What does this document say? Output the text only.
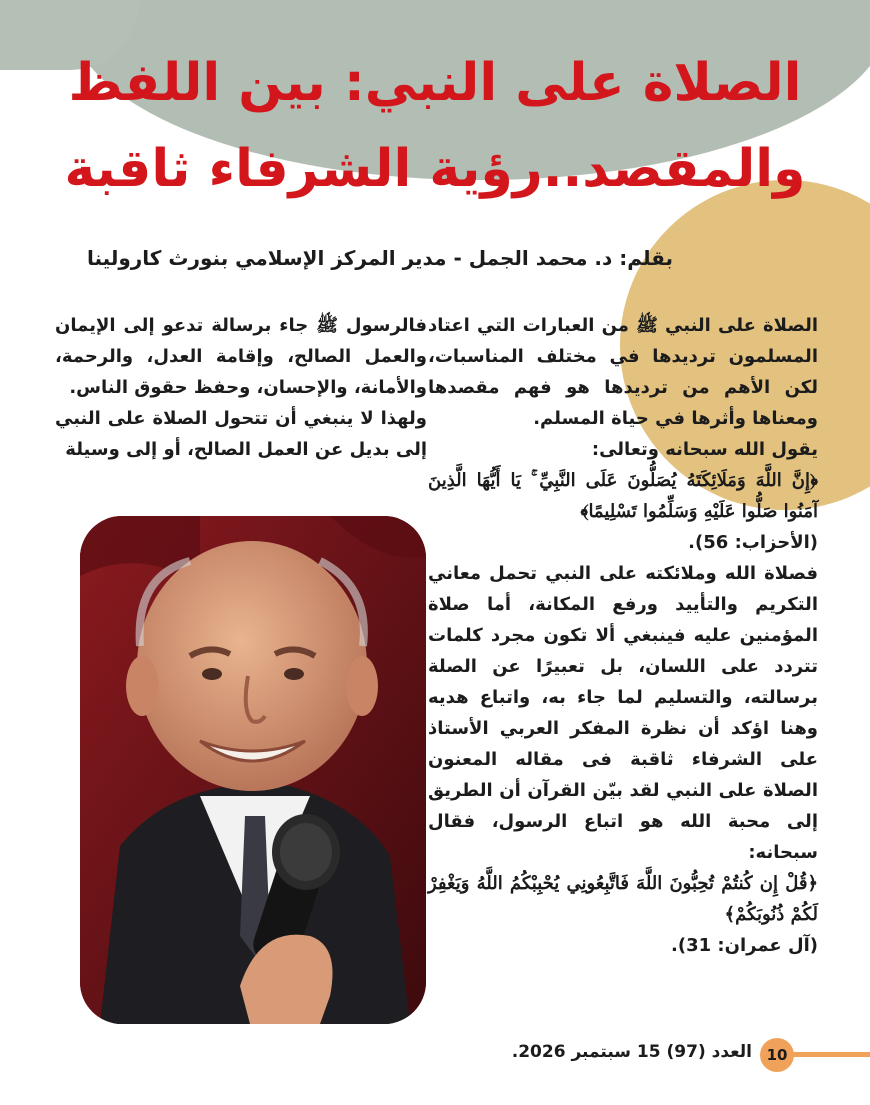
الصلاة على النبي: بين اللفظ
والمقصد..رؤية الشرفاء ثاقبة
بقلم: د. محمد الجمل - مدير المركز الإسلامي بنورث كارولينا

الصلاة على النبي ﷺ من العبارات التي اعتاد المسلمون ترديدها في مختلف المناسبات، لكن الأهم من ترديدها هو فهم مقصدها ومعناها وأثرها في حياة المسلم.

يقول الله سبحانه وتعالى:

﴿إِنَّ اللَّهَ وَمَلَائِكَتَهُ يُصَلُّونَ عَلَى النَّبِيِّ ۚ يَا أَيُّهَا الَّذِينَ آمَنُوا صَلُّوا عَلَيْهِ وَسَلِّمُوا تَسْلِيمًا﴾

(الأحزاب: 56).

فصلاة الله وملائكته على النبي تحمل معاني التكريم والتأييد ورفع المكانة، أما صلاة المؤمنين عليه فينبغي ألا تكون مجرد كلمات تتردد على اللسان، بل تعبيرًا عن الصلة برسالته، والتسليم لما جاء به، واتباع هديه وهنا اؤكد أن نظرة المفكر العربي الأستاذ على الشرفاء ثاقبة فى مقاله المعنون الصلاة على النبي لقد بيّن القرآن أن الطريق إلى محبة الله هو اتباع الرسول، فقال سبحانه:

﴿قُلْ إِن كُنتُمْ تُحِبُّونَ اللَّهَ فَاتَّبِعُونِي يُحْبِبْكُمُ اللَّهُ وَيَغْفِرْ لَكُمْ ذُنُوبَكُمْ﴾

(آل عمران: 31).

فالرسول ﷺ جاء برسالة تدعو إلى الإيمان والعمل الصالح، وإقامة العدل، والرحمة، والأمانة، والإحسان، وحفظ حقوق الناس.

ولهذا لا ينبغي أن تتحول الصلاة على النبي إلى بديل عن العمل الصالح، أو إلى وسيلة

10
العدد (97) 15 سبتمبر 2026.
